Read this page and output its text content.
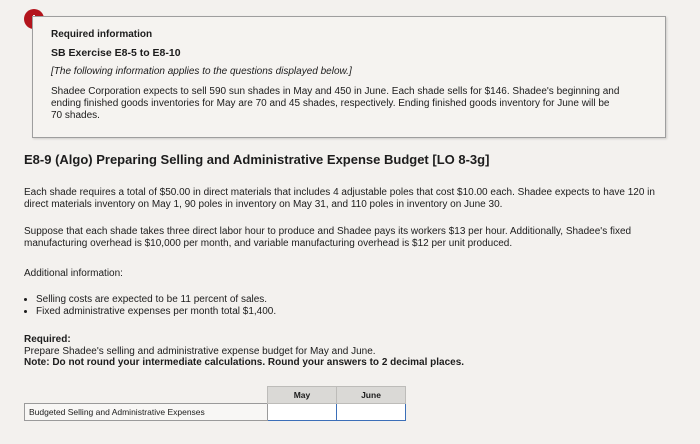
Required information
SB Exercise E8-5 to E8-10
[The following information applies to the questions displayed below.]
Shadee Corporation expects to sell 590 sun shades in May and 450 in June. Each shade sells for $146. Shadee's beginning and ending finished goods inventories for May are 70 and 45 shades, respectively. Ending finished goods inventory for June will be 70 shades.
E8-9 (Algo) Preparing Selling and Administrative Expense Budget [LO 8-3g]
Each shade requires a total of $50.00 in direct materials that includes 4 adjustable poles that cost $10.00 each. Shadee expects to have 120 in direct materials inventory on May 1, 90 poles in inventory on May 31, and 110 poles in inventory on June 30.
Suppose that each shade takes three direct labor hour to produce and Shadee pays its workers $13 per hour. Additionally, Shadee's fixed manufacturing overhead is $10,000 per month, and variable manufacturing overhead is $12 per unit produced.
Additional information:
• Selling costs are expected to be 11 percent of sales.
• Fixed administrative expenses per month total $1,400.
Required:
Prepare Shadee's selling and administrative expense budget for May and June.
Note: Do not round your intermediate calculations. Round your answers to 2 decimal places.
	May	June
Budgeted Selling and Administrative Expenses		
